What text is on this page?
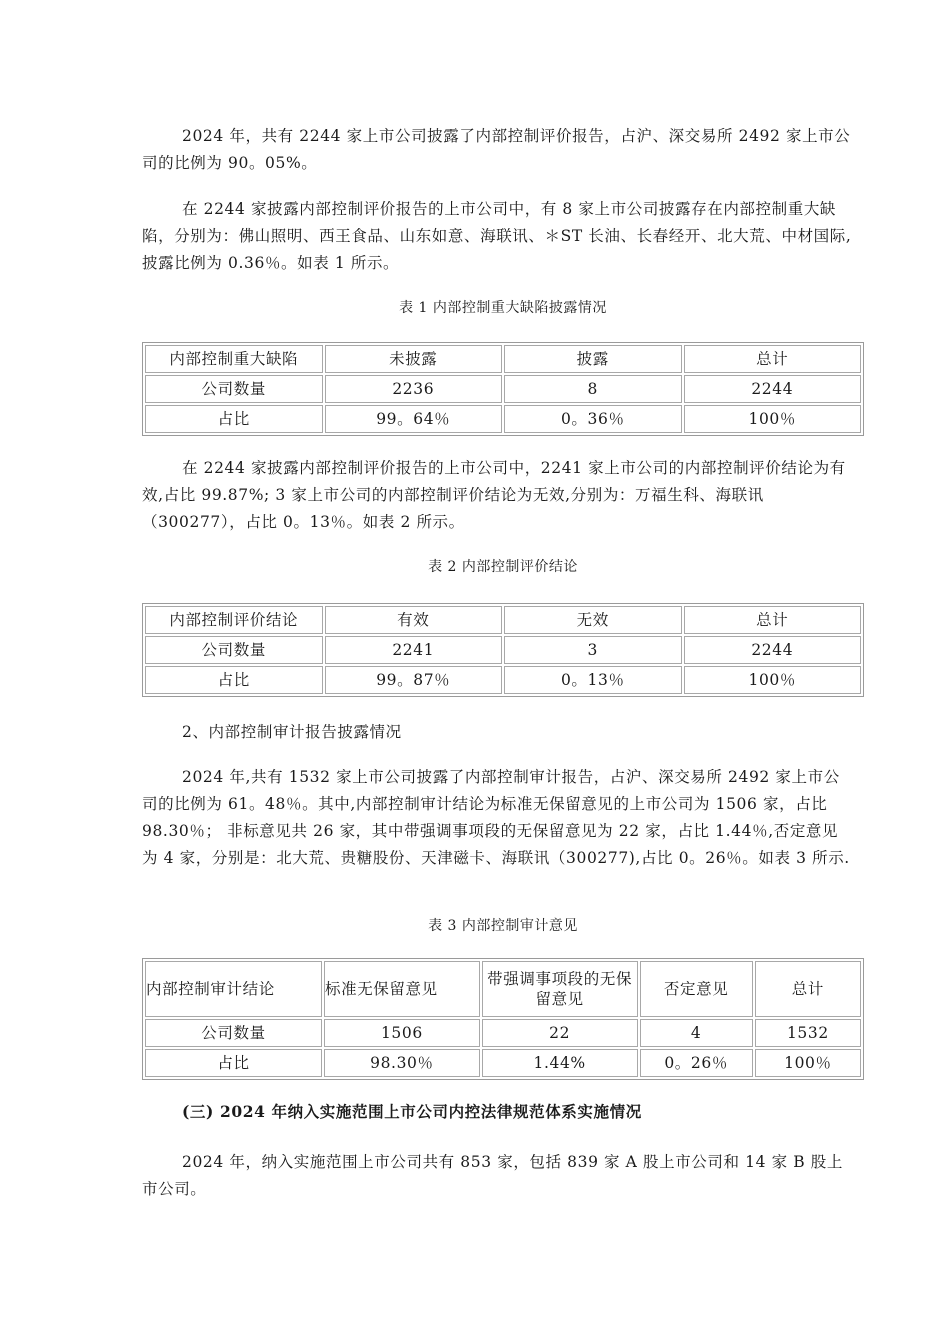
2024 年，共有 2244 家上市公司披露了内部控制评价报告，占沪、深交易所 2492 家上市公司的比例为 90。05%。

在 2244 家披露内部控制评价报告的上市公司中，有 8 家上市公司披露存在内部控制重大缺陷，分别为：佛山照明、西王食品、山东如意、海联讯、＊ST 长油、长春经开、北大荒、中材国际,披露比例为 0.36％。如表 1 所示。

表 1 内部控制重大缺陷披露情况

内部控制重大缺陷	未披露	披露	总计
公司数量	2236	8	2244
占比	99。64％	0。36％	100％

在 2244 家披露内部控制评价报告的上市公司中，2241 家上市公司的内部控制评价结论为有效,占比 99.87%; 3 家上市公司的内部控制评价结论为无效,分别为：万福生科、海联讯（300277），占比 0。13％。如表 2 所示。

表 2 内部控制评价结论

内部控制评价结论	有效	无效	总计
公司数量	2241	3	2244
占比	99。87％	0。13％	100％

2、内部控制审计报告披露情况

2024 年,共有 1532 家上市公司披露了内部控制审计报告，占沪、深交易所 2492 家上市公司的比例为 61。48％。其中,内部控制审计结论为标准无保留意见的上市公司为 1506 家，占比 98.30％； 非标意见共 26 家，其中带强调事项段的无保留意见为 22 家，占比 1.44％,否定意见为 4 家，分别是：北大荒、贵糖股份、天津磁卡、海联讯（300277),占比 0。26％。如表 3 所示.

表 3 内部控制审计意见

内部控制审计结论	标准无保留意见	带强调事项段的无保留意见	否定意见	总计
公司数量	1506	22	4	1532
占比	98.30％	1.44%	0。26％	100％

(三) 2024 年纳入实施范围上市公司内控法律规范体系实施情况

2024 年，纳入实施范围上市公司共有 853 家，包括 839 家 A 股上市公司和 14 家 B 股上市公司。
